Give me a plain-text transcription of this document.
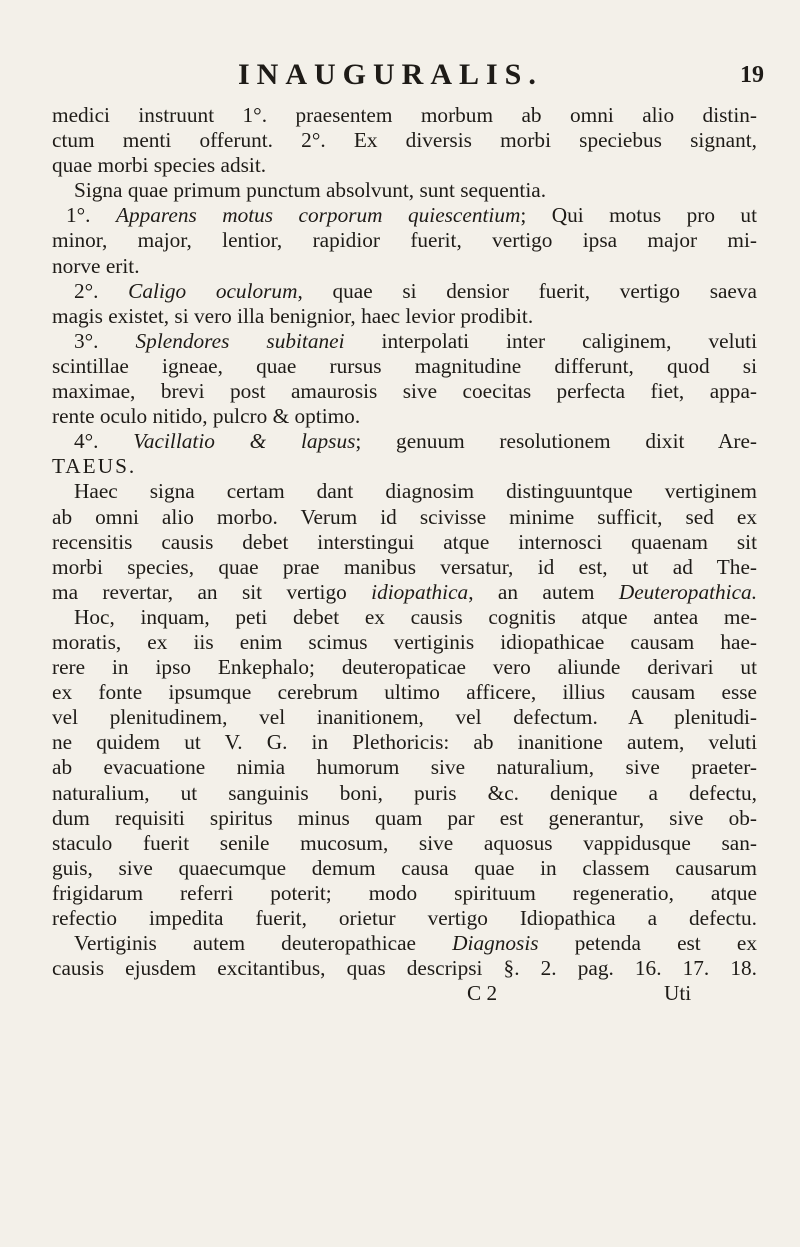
INAUGURALIS.	19
medici instruunt 1°. praesentem morbum ab omni alio distin-
ctum menti offerunt. 2°. Ex diversis morbi speciebus signant,
quae morbi species adsit.
Signa quae primum punctum absolvunt, sunt sequentia.
1°. Apparens motus corporum quiescentium; Qui motus pro ut
minor, major, lentior, rapidior fuerit, vertigo ipsa major mi-
norve erit.
2°. Caligo oculorum, quae si densior fuerit, vertigo saeva
magis existet, si vero illa benignior, haec levior prodibit.
3°. Splendores subitanei interpolati inter caliginem, veluti
scintillae igneae, quae rursus magnitudine differunt, quod si
maximae, brevi post amaurosis sive coecitas perfecta fiet, appa-
rente oculo nitido, pulcro & optimo.
4°. Vacillatio & lapsus; genuum resolutionem dixit Are-
TAEUS.
Haec signa certam dant diagnosim distinguuntque vertiginem
ab omni alio morbo. Verum id scivisse minime sufficit, sed ex
recensitis causis debet interstingui atque internosci quaenam sit
morbi species, quae prae manibus versatur, id est, ut ad The-
ma revertar, an sit vertigo idiopathica, an autem Deuteropathica.
Hoc, inquam, peti debet ex causis cognitis atque antea me-
moratis, ex iis enim scimus vertiginis idiopathicae causam hae-
rere in ipso Enkephalo; deuteropaticae vero aliunde derivari ut
ex fonte ipsumque cerebrum ultimo afficere, illius causam esse
vel plenitudinem, vel inanitionem, vel defectum. A plenitudi-
ne quidem ut V. G. in Plethoricis: ab inanitione autem, veluti
ab evacuatione nimia humorum sive naturalium, sive praeter-
naturalium, ut sanguinis boni, puris &c. denique a defectu,
dum requisiti spiritus minus quam par est generantur, sive ob-
staculo fuerit senile mucosum, sive aquosus vappidusque san-
guis, sive quaecumque demum causa quae in classem causarum
frigidarum referri poterit; modo spirituum regeneratio, atque
refectio impedita fuerit, orietur vertigo Idiopathica a defectu.
Vertiginis autem deuteropathicae Diagnosis petenda est ex
causis ejusdem excitantibus, quas descripsi §. 2. pag. 16. 17. 18.
C 2	Uti
